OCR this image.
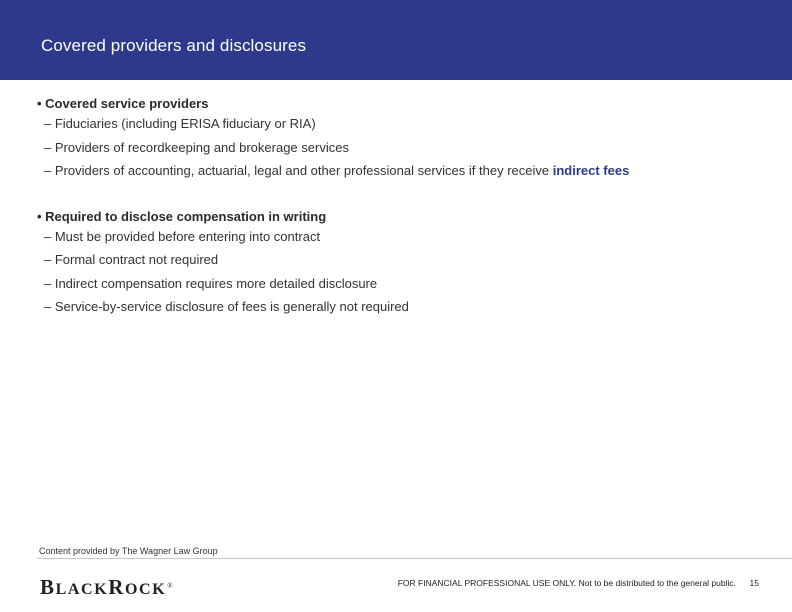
Covered providers and disclosures
• Covered service providers
– Fiduciaries (including ERISA fiduciary or RIA)
– Providers of recordkeeping and brokerage services
– Providers of accounting, actuarial, legal and other professional services if they receive indirect fees
• Required to disclose compensation in writing
– Must be provided before entering into contract
– Formal contract not required
– Indirect compensation requires more detailed disclosure
– Service-by-service disclosure of fees is generally not required
Content provided by The Wagner Law Group
BLACKROCK®	FOR FINANCIAL PROFESSIONAL USE ONLY. Not to be distributed to the general public. 15
